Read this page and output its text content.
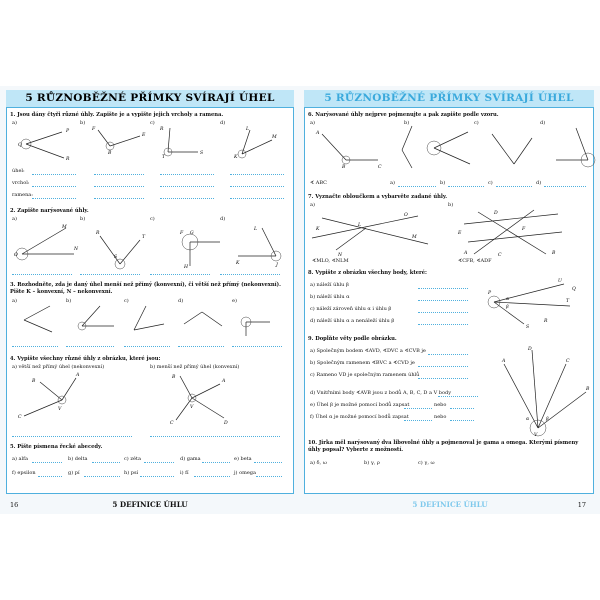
5 RŮZNOBĚŽNÉ PŘÍMKY SVÍRAJÍ ÚHEL
1. Jsou dány čtyři různé úhly. Zapište je a vypište jejich vrcholy a ramena.
a)	b)	c)	d)
Q
P
R
F
E
B
R
S
T
L
M
K
úhel:
vrchol:
ramena:
2. Zapište narýsované úhly.
a)	b)	c)	d)
O
M
N
R
S
T
F G
H
K
L
J
3. Rozhodněte, zda je daný úhel menší než přímý (konvexní), či větší než přímý (nekonvexní). Pište K – konvexní, N – nekonvexní.
a)	b)	c)	d)	e)
4. Vypište všechny různé úhly z obrázku, které jsou:
a) větší než přímý úhel (nekonvexní)	b) menší než přímý úhel (konvexní)
B
A
C
V
B
A
C	D
V
5. Pište písmena řecké abecedy.
a) alfa	b) delta	c) zéta	d) gama	e) beta
f) epsilon	g) pí	h) psí	i) fí	j) omega
16	5 DEFINICE ÚHLU
5 RŮZNOBĚŽNÉ PŘÍMKY SVÍRAJÍ ÚHEL
6. Narýsované úhly nejprve pojmenujte a pak zapište podle vzoru.
a)	b)	c)	d)
A
B	C
∢ ABC	a)	b)	c)	d)
7. Vyznačte obloučkem a vybarvěte zadané úhly.
a)	b)
K
L
O
M
N
E
D
F
B
C
A
∢MLO, ∢NLM	∢CFB, ∢ADF
8. Vypište z obrázku všechny body, které:
a) náleží úhlu β
b) náleží úhlu α
c) náleží zároveň úhlu α i úhlu β
d) náleží úhlu α a nenáleží úhlu β
P
U
Q
T
S
R
α
β
9. Doplňte věty podle obrázku.
a) Společným bodem ∢AVD, ∢DVC a ∢CVB je
b) Společným ramenem ∢BVC a ∢CVD je
c) Rameno VD je společným ramenem úhlů
d) Vnitřními body ∢AVB jsou z bodů A, B, C, D a V body
e) Úhel β je možné pomocí bodů zapsat
f) Úhel α je možné pomocí bodů zapsat
nebo
nebo
A
D
C
B
V
α	β
10. Jirka měl narýsovaný dva libovolné úhly a pojmenoval je gama a omega. Kterými písmeny úhly popsal? Vyberte z možností.
a) δ, ω	b) γ, ρ	c) γ, ω
5 DEFINICE ÚHLU	17
